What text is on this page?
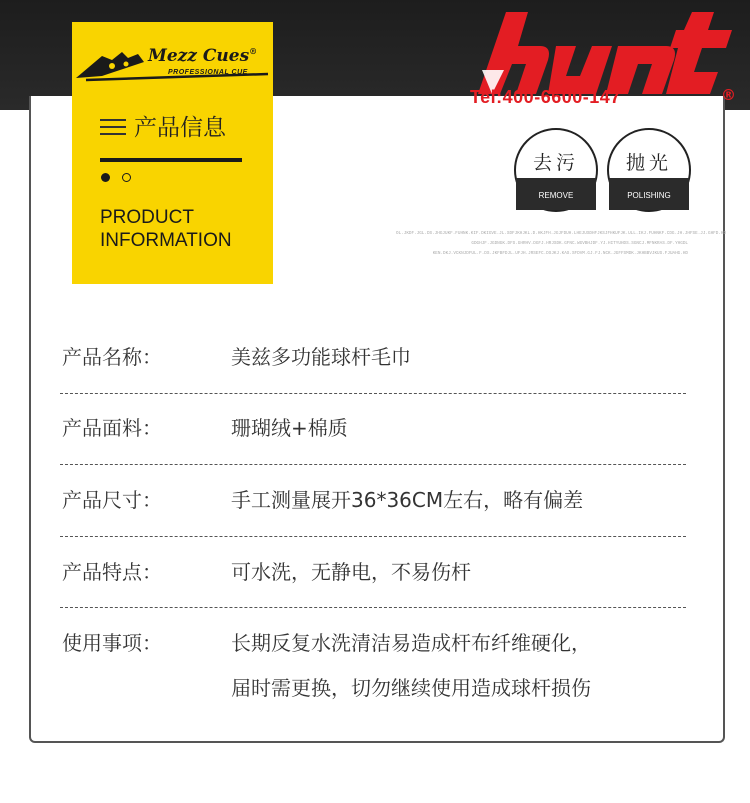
Tel:400-6600-147	®
Mezz Cues®
PROFESSIONAL CUE
产品信息
PRODUCT
INFORMATION
去污
REMOVE
抛光
POLISHING
OL.JKDF.JGL.DS.JHGJUKF.FUHNK.KIF.DKIGVE.JL.SDFJKHJKL.D.HKJFH.JGJFDUH.LHEJUSDHFJKSJFHKUFJK.ULL.IKJ.FUHNKF.CDG.JH.JHFSE.JJ.GHFD.HD
GDGHJF.JGDNGK.DFS.GHRHV.DGFJ.HRJSDK.GFNC.WGVBHJDF.YJ.HITYUHDS.SGNCJ.MFNKRAS.DF.YHGDL
KEN.DKJ.VCKNJDFUL.F.DS.JKFBFDJL.UFJH.JRSEFC.DSJKJ.KAS.SFDVM.GJ.FJ.NCK.JGFFSMDK.JKHBBVJKUS.FJUAHG.HD
产品名称：	美兹多功能球杆毛巾
产品面料：	珊瑚绒+棉质
产品尺寸：	手工测量展开36*36CM左右，略有偏差
产品特点：	可水洗，无静电，不易伤杆
使用事项：	长期反复水洗清洁易造成杆布纤维硬化，
届时需更换，切勿继续使用造成球杆损伤
